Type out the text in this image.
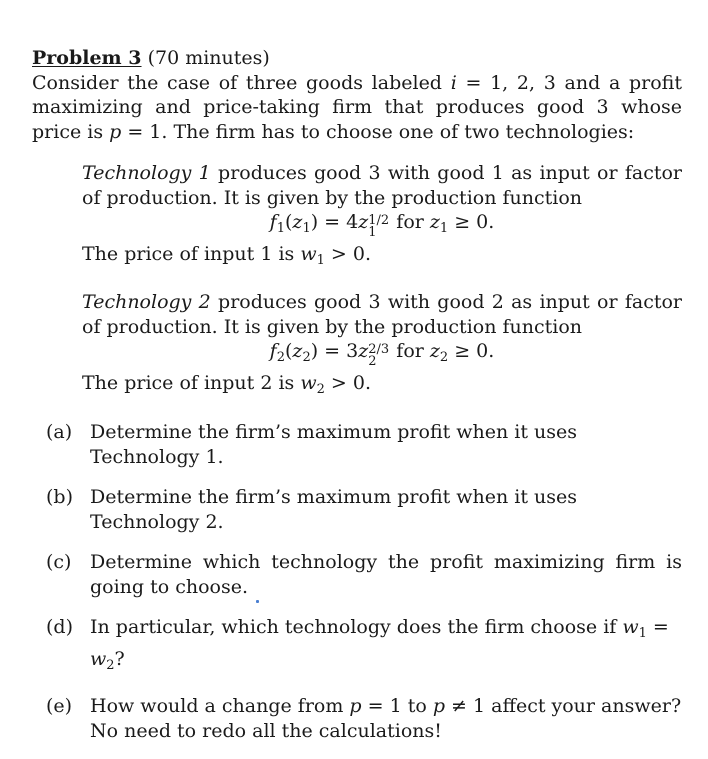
Problem 3 (70 minutes)

Consider the case of three goods labeled i = 1, 2, 3 and a profit maximizing and price-taking firm that produces good 3 whose price is p = 1. The firm has to choose one of two technologies:

Technology 1 produces good 3 with good 1 as input or factor of production. It is given by the production function

$f_1(z_1) = 4z$ 1/2
1 for $z_1 \ge 0$.

The price of input 1 is $w_1 > 0$.

Technology 2 produces good 3 with good 2 as input or factor of production. It is given by the production function

$f_2(z_2) = 3z$ 2/3
2 for $z_2 \ge 0$.

The price of input 2 is $w_2 > 0$.

(a) Determine the firm’s maximum profit when it uses Technology 1.
(b) Determine the firm’s maximum profit when it uses Technology 2.
(c) Determine which technology the profit maximizing firm is going to choose.
(d) In particular, which technology does the firm choose if $w_1 = w_2$?
(e) How would a change from p = 1 to p ≠ 1 affect your answer?
No need to redo all the calculations!
